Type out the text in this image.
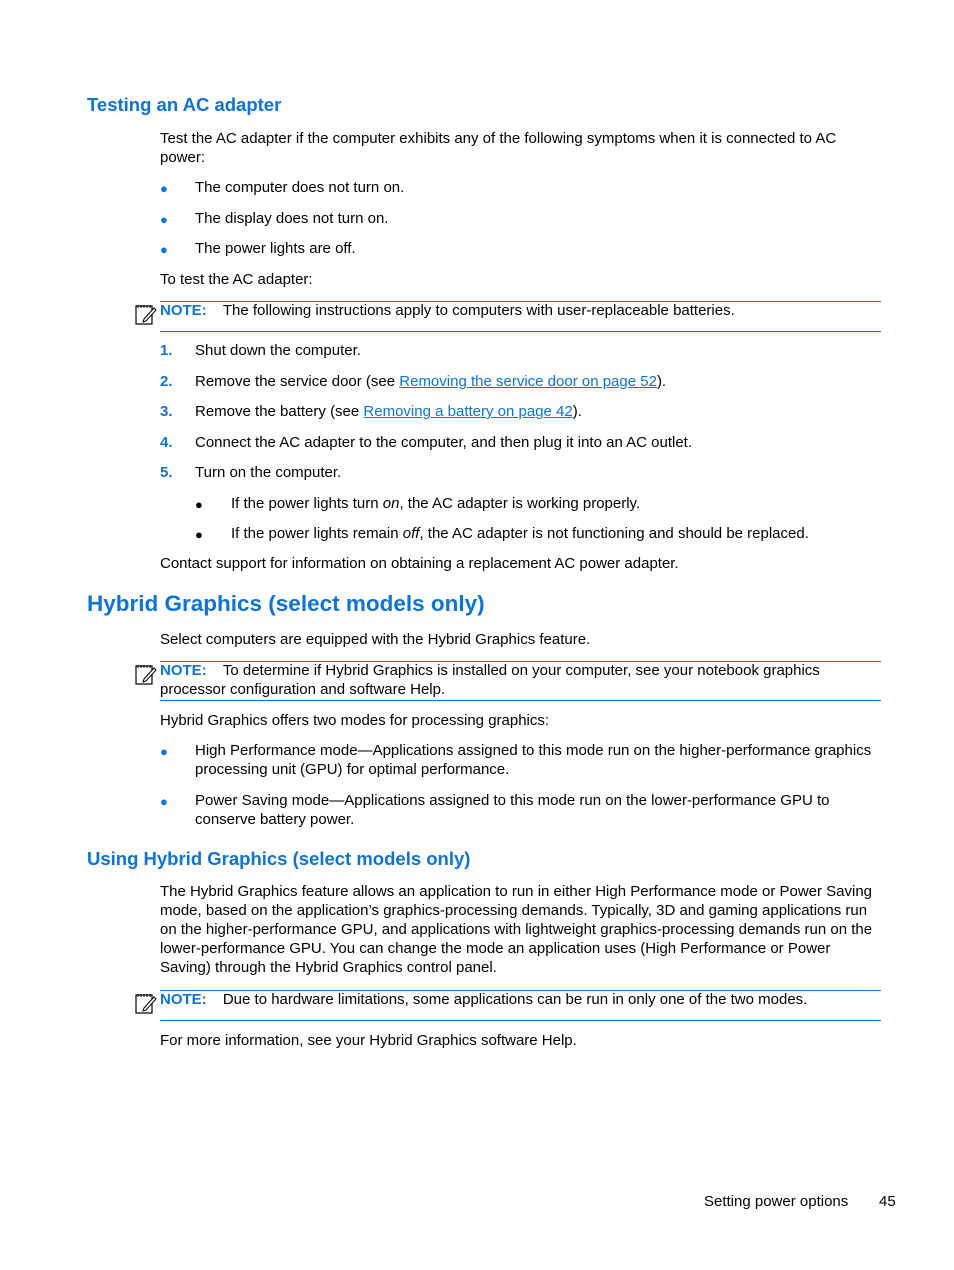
Testing an AC adapter
Test the AC adapter if the computer exhibits any of the following symptoms when it is connected to AC power:
● The computer does not turn on.
● The display does not turn on.
● The power lights are off.
To test the AC adapter:
NOTE: The following instructions apply to computers with user-replaceable batteries.
1. Shut down the computer.
2. Remove the service door (see Removing the service door on page 52).
3. Remove the battery (see Removing a battery on page 42).
4. Connect the AC adapter to the computer, and then plug it into an AC outlet.
5. Turn on the computer.
● If the power lights turn on, the AC adapter is working properly.
● If the power lights remain off, the AC adapter is not functioning and should be replaced.
Contact support for information on obtaining a replacement AC power adapter.
Hybrid Graphics (select models only)
Select computers are equipped with the Hybrid Graphics feature.
NOTE: To determine if Hybrid Graphics is installed on your computer, see your notebook graphics processor configuration and software Help.
Hybrid Graphics offers two modes for processing graphics:
● High Performance mode—Applications assigned to this mode run on the higher-performance graphics processing unit (GPU) for optimal performance.
● Power Saving mode—Applications assigned to this mode run on the lower-performance GPU to conserve battery power.
Using Hybrid Graphics (select models only)
The Hybrid Graphics feature allows an application to run in either High Performance mode or Power Saving mode, based on the application’s graphics-processing demands. Typically, 3D and gaming applications run on the higher-performance GPU, and applications with lightweight graphics-processing demands run on the lower-performance GPU. You can change the mode an application uses (High Performance or Power Saving) through the Hybrid Graphics control panel.
NOTE: Due to hardware limitations, some applications can be run in only one of the two modes.
For more information, see your Hybrid Graphics software Help.
Setting power options 45
